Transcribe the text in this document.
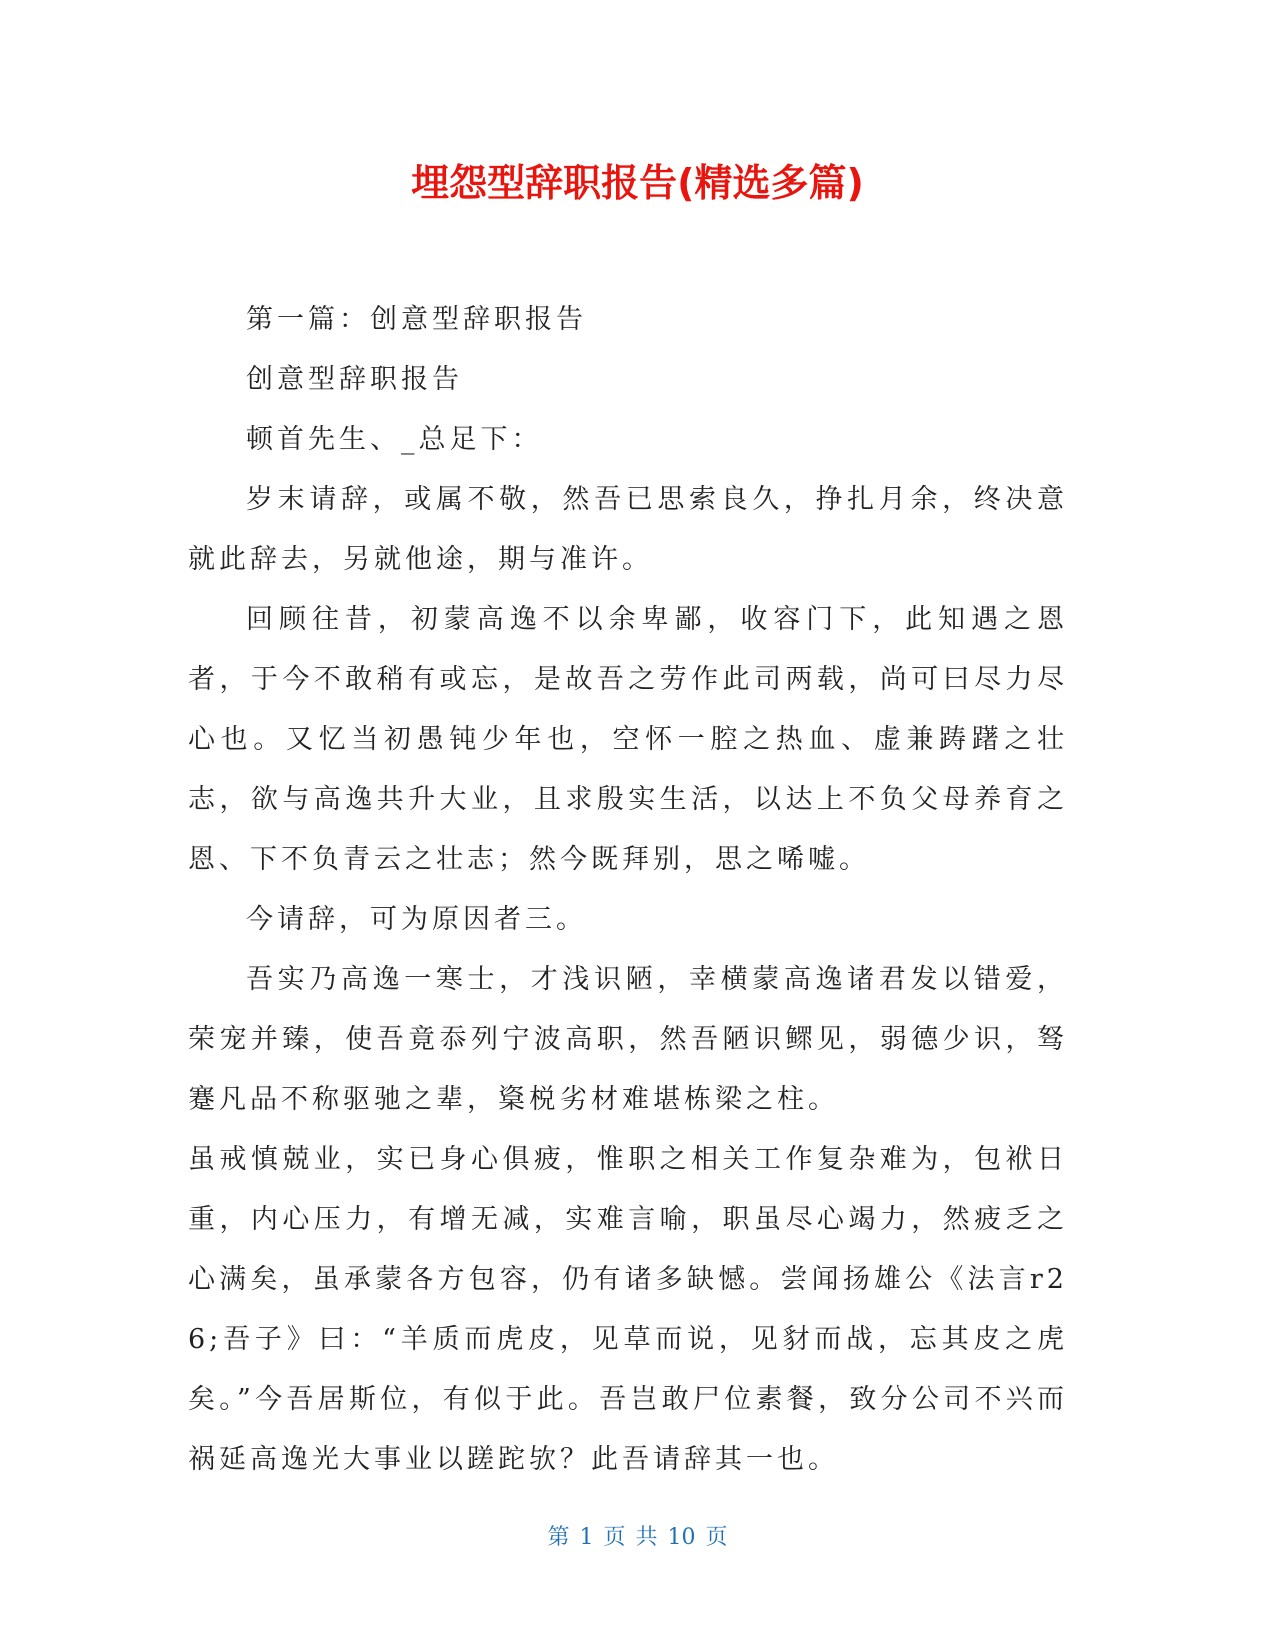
埋怨型辞职报告(精选多篇)

第一篇：创意型辞职报告

创意型辞职报告

顿首先生、_总足下：

岁末请辞，或属不敬，然吾已思索良久，挣扎月余，终决意就此辞去，另就他途，期与准许。

回顾往昔，初蒙高逸不以余卑鄙，收容门下，此知遇之恩者，于今不敢稍有或忘，是故吾之劳作此司两载，尚可曰尽力尽心也。又忆当初愚钝少年也，空怀一腔之热血、虚兼踌躇之壮志，欲与高逸共升大业，且求殷实生活，以达上不负父母养育之恩、下不负青云之壮志；然今既拜别，思之唏嘘。

今请辞，可为原因者三。

吾实乃高逸一寒士，才浅识陋，幸横蒙高逸诸君发以错爱，荣宠并臻，使吾竟忝列宁波高职，然吾陋识鳏见，弱德少识，驽蹇凡品不称驱驰之辈，楶棁劣材难堪栋梁之柱。

虽戒慎兢业，实已身心俱疲，惟职之相关工作复杂难为，包袱日重，内心压力，有增无减，实难言喻，职虽尽心竭力，然疲乏之心满矣，虽承蒙各方包容，仍有诸多缺憾。尝闻扬雄公《法言r26;吾子》曰：“羊质而虎皮，见草而说，见豺而战，忘其皮之虎矣。”今吾居斯位，有似于此。吾岂敢尸位素餐，致分公司不兴而祸延高逸光大事业以蹉跎欤？此吾请辞其一也。

第 1 页 共 10 页
